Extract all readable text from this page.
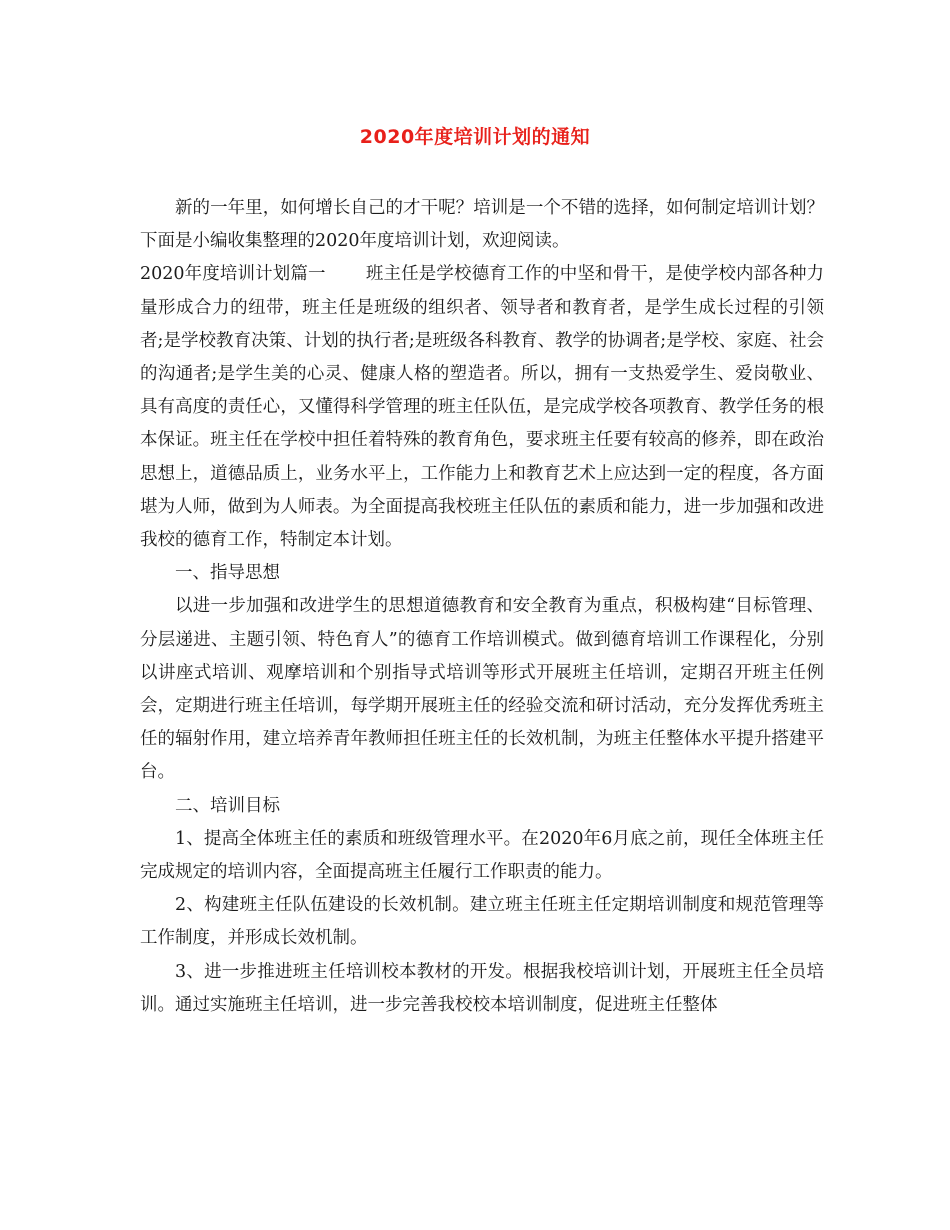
2020年度培训计划的通知

新的一年里，如何增长自己的才干呢？培训是一个不错的选择，如何制定培训计划？下面是小编收集整理的2020年度培训计划，欢迎阅读。

2020年度培训计划篇一 班主任是学校德育工作的中坚和骨干，是使学校内部各种力量形成合力的纽带，班主任是班级的组织者、领导者和教育者，是学生成长过程的引领者;是学校教育决策、计划的执行者;是班级各科教育、教学的协调者;是学校、家庭、社会的沟通者;是学生美的心灵、健康人格的塑造者。所以，拥有一支热爱学生、爱岗敬业、具有高度的责任心，又懂得科学管理的班主任队伍，是完成学校各项教育、教学任务的根本保证。班主任在学校中担任着特殊的教育角色，要求班主任要有较高的修养，即在政治思想上，道德品质上，业务水平上，工作能力上和教育艺术上应达到一定的程度，各方面堪为人师，做到为人师表。为全面提高我校班主任队伍的素质和能力，进一步加强和改进我校的德育工作，特制定本计划。

一、指导思想

以进一步加强和改进学生的思想道德教育和安全教育为重点，积极构建“目标管理、分层递进、主题引领、特色育人”的德育工作培训模式。做到德育培训工作课程化，分别以讲座式培训、观摩培训和个别指导式培训等形式开展班主任培训，定期召开班主任例会，定期进行班主任培训，每学期开展班主任的经验交流和研讨活动，充分发挥优秀班主任的辐射作用，建立培养青年教师担任班主任的长效机制，为班主任整体水平提升搭建平台。

二、培训目标

1、提高全体班主任的素质和班级管理水平。在2020年6月底之前，现任全体班主任完成规定的培训内容，全面提高班主任履行工作职责的能力。

2、构建班主任队伍建设的长效机制。建立班主任班主任定期培训制度和规范管理等工作制度，并形成长效机制。

3、进一步推进班主任培训校本教材的开发。根据我校培训计划，开展班主任全员培训。通过实施班主任培训，进一步完善我校校本培训制度，促进班主任整体
